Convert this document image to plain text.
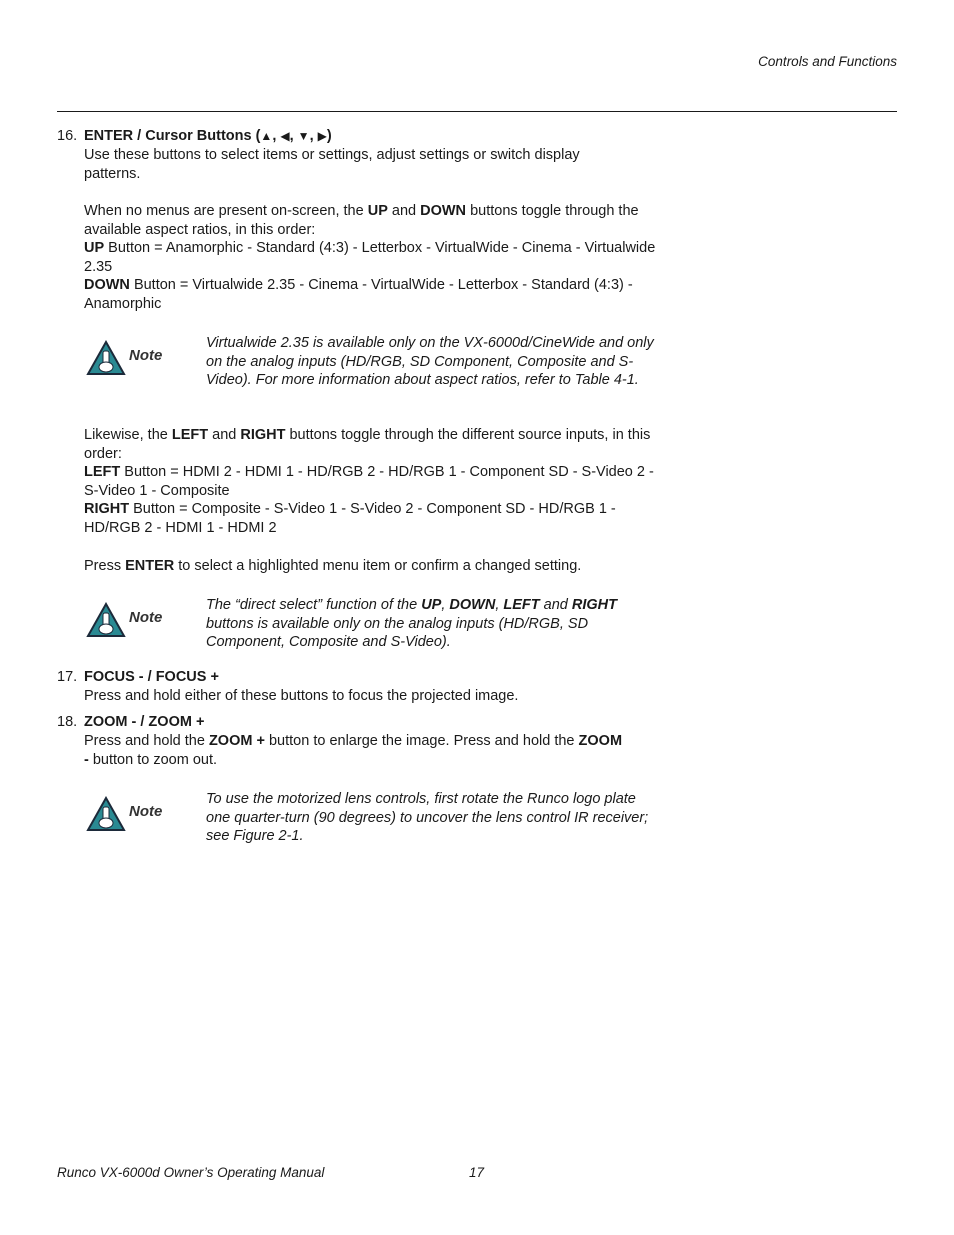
Controls and Functions
16. ENTER / Cursor Buttons (▲, ◀, ▼, ▶)

Use these buttons to select items or settings, adjust settings or switch display patterns.

When no menus are present on-screen, the UP and DOWN buttons toggle through the available aspect ratios, in this order:

UP Button = Anamorphic - Standard (4:3) - Letterbox - VirtualWide - Cinema - Virtualwide 2.35

DOWN Button = Virtualwide 2.35 - Cinema - VirtualWide - Letterbox - Standard (4:3) - Anamorphic

Note
Virtualwide 2.35 is available only on the VX-6000d/CineWide and only on the analog inputs (HD/RGB, SD Component, Composite and S-Video). For more information about aspect ratios, refer to Table 4-1.

Likewise, the LEFT and RIGHT buttons toggle through the different source inputs, in this order:

LEFT Button = HDMI 2 - HDMI 1 - HD/RGB 2 - HD/RGB 1 - Component SD - S-Video 2 - S-Video 1 - Composite

RIGHT Button = Composite - S-Video 1 - S-Video 2 - Component SD - HD/RGB 1 - HD/RGB 2 - HDMI 1 - HDMI 2

Press ENTER to select a highlighted menu item or confirm a changed setting.

Note
The “direct select” function of the UP, DOWN, LEFT and RIGHT buttons is available only on the analog inputs (HD/RGB, SD Component, Composite and S-Video).
17. FOCUS - / FOCUS +
Press and hold either of these buttons to focus the projected image.
18. ZOOM - / ZOOM +

Press and hold the ZOOM + button to enlarge the image. Press and hold the ZOOM - button to zoom out.

Note
To use the motorized lens controls, first rotate the Runco logo plate one quarter-turn (90 degrees) to uncover the lens control IR receiver; see Figure 2-1.
Runco VX-6000d Owner’s Operating Manual	17
